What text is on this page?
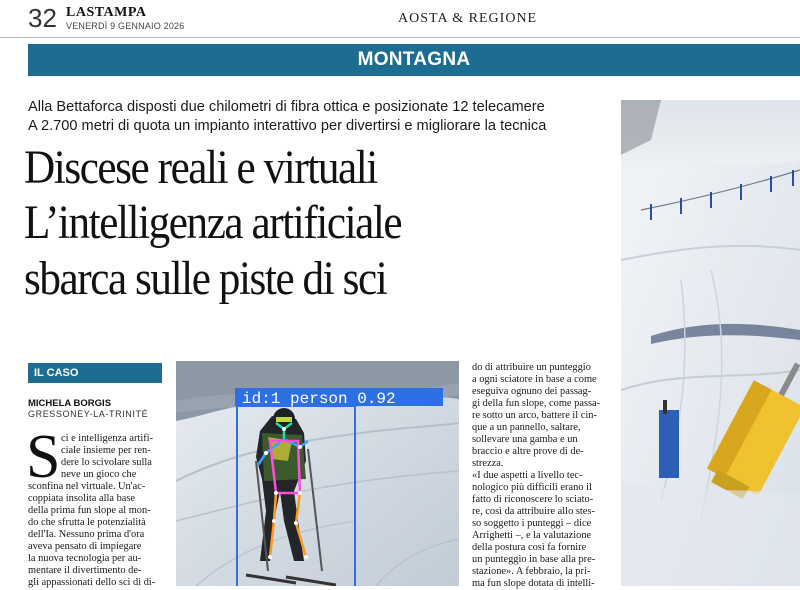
32 LASTAMPA
VENERDÌ 9 GENNAIO 2026	AOSTA & REGIONE
MONTAGNA
Alla Bettaforca disposti due chilometri di fibra ottica e posizionate 12 telecamere
A 2.700 metri di quota un impianto interattivo per divertirsi e migliorare la tecnica
Discese reali e virtuali
L’intelligenza artificiale
sbarca sulle piste di sci
IL CASO
MICHELA BORGIS
GRESSONEY-LA-TRINITÉ
S ci e intelligenza artifi-
ciale insieme per ren-
dere lo scivolare sulla
neve un gioco che
sconfina nel virtuale. Un'ac-
coppiata insolita alla base
della prima fun slope al mon-
do che sfrutta le potenzialità
dell'Ia. Nessuno prima d'ora
aveva pensato di impiegare
la nuova tecnologia per au-
mentare il divertimento de-
gli appassionati dello sci di di-
id:1 person 0.92
do di attribuire un punteggio
a ogni sciatore in base a come
eseguiva ognuno dei passag-
gi della fun slope, come passa-
re sotto un arco, battere il cin-
que a un pannello, saltare,
sollevare una gamba e un
braccio e altre prove di de-
strezza.
«I due aspetti a livello tec-
nologico più difficili erano il
fatto di riconoscere lo sciato-
re, così da attribuire allo stes-
so soggetto i punteggi – dice
Arrighetti –, e la valutazione
della postura così fa fornire
un punteggio in base alla pre-
stazione». A febbraio, la pri-
ma fun slope dotata di intelli-
